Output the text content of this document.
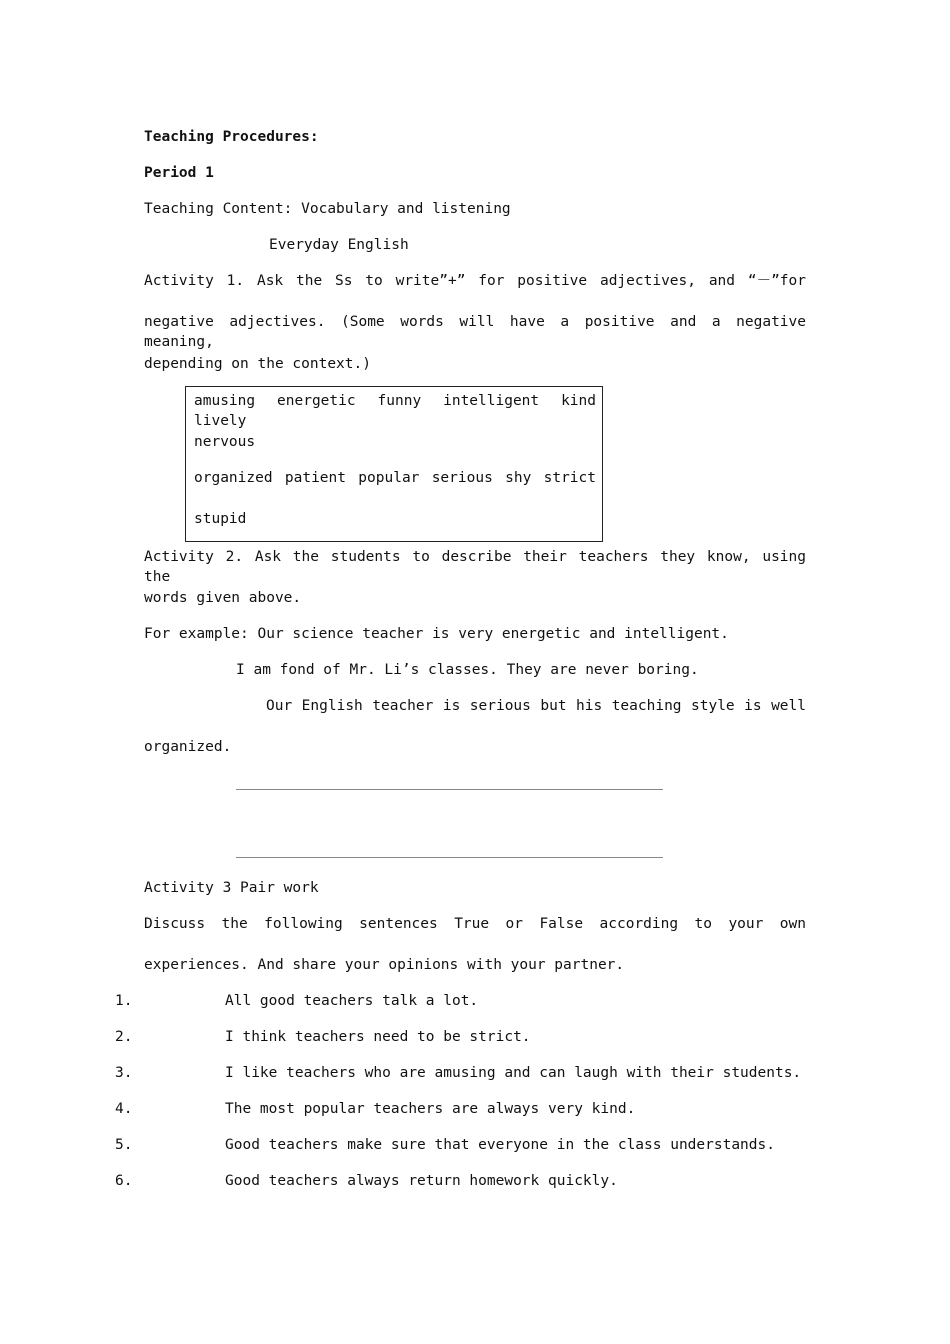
Teaching Procedures:
Period 1
Teaching Content: Vocabulary and listening
Everyday English
Activity 1. Ask the Ss to write”+” for positive adjectives, and “－”for
negative adjectives. (Some words will have a positive and a negative meaning,
depending on the context.)
amusing energetic funny intelligent kind lively
nervous
organized patient popular serious shy strict
stupid
Activity 2. Ask the students to describe their teachers they know, using the
words given above.
For example: Our science teacher is very energetic and intelligent.
I am fond of Mr. Li’s classes. They are never boring.
Our English teacher is serious but his teaching style is well
organized.
Activity 3 Pair work
Discuss the following sentences True or False according to your own
experiences. And share your opinions with your partner.
1.	All good teachers talk a lot.
2.	I think teachers need to be strict.
3.	I like teachers who are amusing and can laugh with their students.
4.	The most popular teachers are always very kind.
5.	Good teachers make sure that everyone in the class understands.
6.	Good teachers always return homework quickly.
